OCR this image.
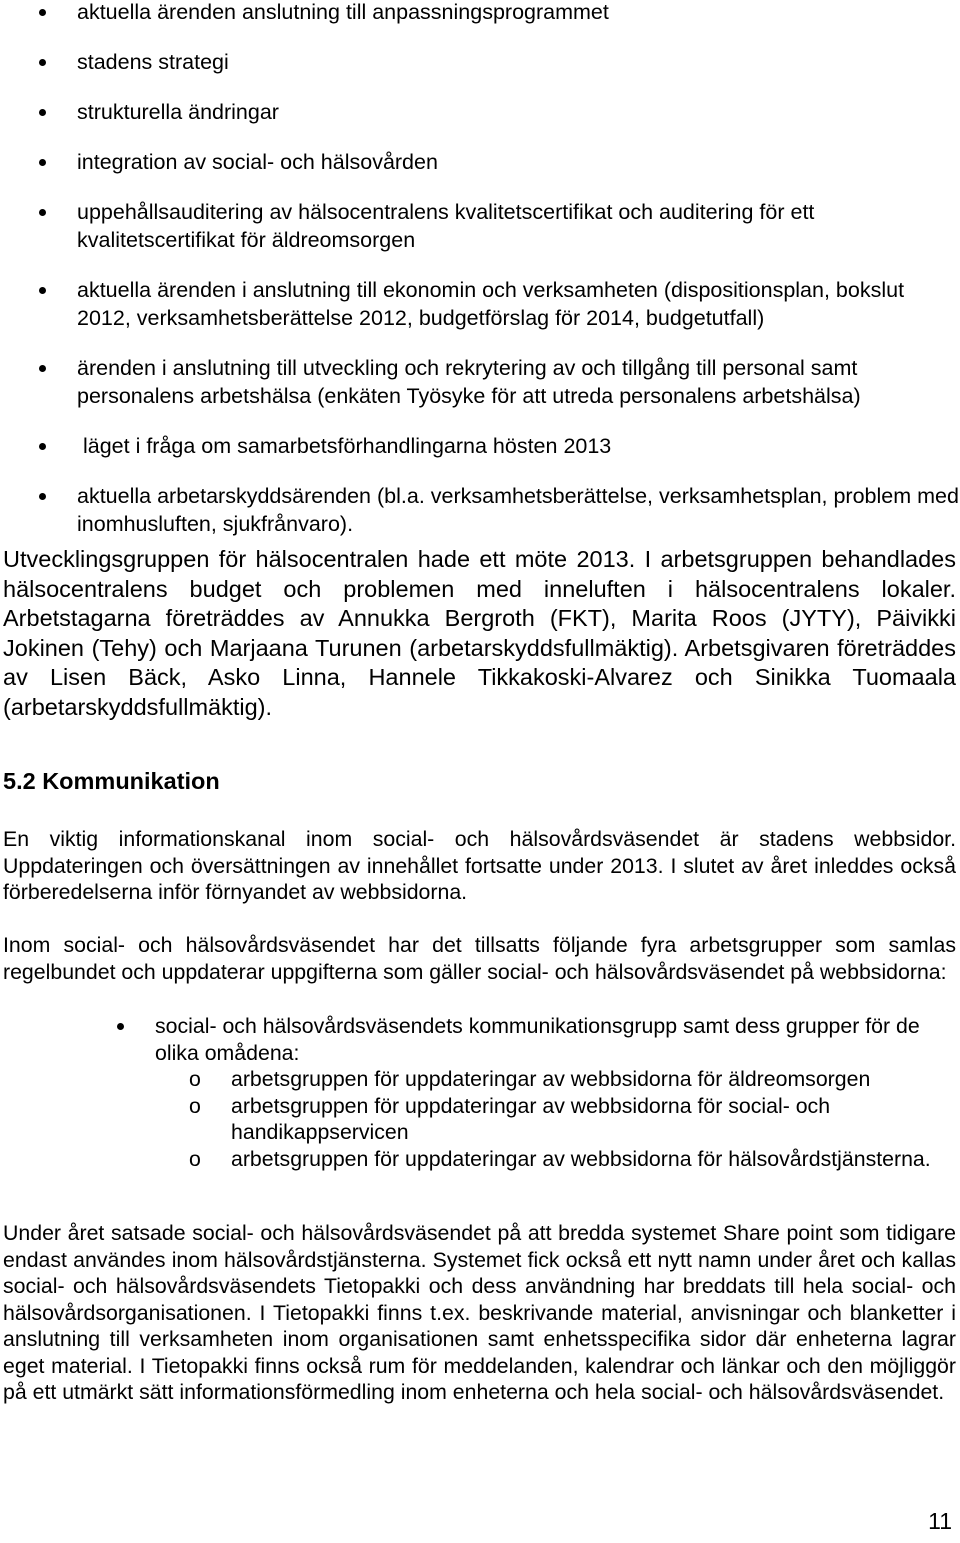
aktuella ärenden anslutning till anpassningsprogrammet
stadens strategi
strukturella ändringar
integration av social- och hälsovården
uppehållsauditering av hälsocentralens kvalitetscertifikat och auditering för ett kvalitetscertifikat för äldreomsorgen
aktuella ärenden i anslutning till ekonomin och verksamheten (dispositionsplan, bokslut 2012, verksamhetsberättelse 2012, budgetförslag för 2014, budgetutfall)
ärenden i anslutning till utveckling och rekrytering av och tillgång till personal samt personalens arbetshälsa (enkäten Työsyke för att utreda personalens arbetshälsa)
läget i fråga om samarbetsförhandlingarna hösten 2013
aktuella arbetarskyddsärenden (bl.a. verksamhetsberättelse, verksamhetsplan, problem med inomhusluften, sjukfrånvaro).

Utvecklingsgruppen för hälsocentralen hade ett möte 2013. I arbetsgruppen behandlades hälsocentralens budget och problemen med inneluften i hälsocentralens lokaler. Arbetstagarna företräddes av Annukka Bergroth (FKT), Marita Roos (JYTY), Päivikki Jokinen (Tehy) och Marjaana Turunen (arbetarskyddsfullmäktig). Arbetsgivaren företräddes av Lisen Bäck, Asko Linna, Hannele Tikkakoski-Alvarez och Sinikka Tuomaala (arbetarskyddsfullmäktig).

5.2 Kommunikation

En viktig informationskanal inom social- och hälsovårdsväsendet är stadens webbsidor. Uppdateringen och översättningen av innehållet fortsatte under 2013. I slutet av året inleddes också förberedelserna inför förnyandet av webbsidorna.

Inom social- och hälsovårdsväsendet har det tillsatts följande fyra arbetsgrupper som samlas regelbundet och uppdaterar uppgifterna som gäller social- och hälsovårdsväsendet på webbsidorna:

social- och hälsovårdsväsendets kommunikationsgrupp samt dess grupper för de olika omådena:
o arbetsgruppen för uppdateringar av webbsidorna för äldreomsorgen
o arbetsgruppen för uppdateringar av webbsidorna för social- och handikappservicen
o arbetsgruppen för uppdateringar av webbsidorna för hälsovårdstjänsterna.

Under året satsade social- och hälsovårdsväsendet på att bredda systemet Share point som tidigare endast användes inom hälsovårdstjänsterna. Systemet fick också ett nytt namn under året och kallas social- och hälsovårdsväsendets Tietopakki och dess användning har breddats till hela social- och hälsovårdsorganisationen. I Tietopakki finns t.ex. beskrivande material, anvisningar och blanketter i anslutning till verksamheten inom organisationen samt enhetsspecifika sidor där enheterna lagrar eget material. I Tietopakki finns också rum för meddelanden, kalendrar och länkar och den möjliggör på ett utmärkt sätt informationsförmedling inom enheterna och hela social- och hälsovårdsväsendet.

11
